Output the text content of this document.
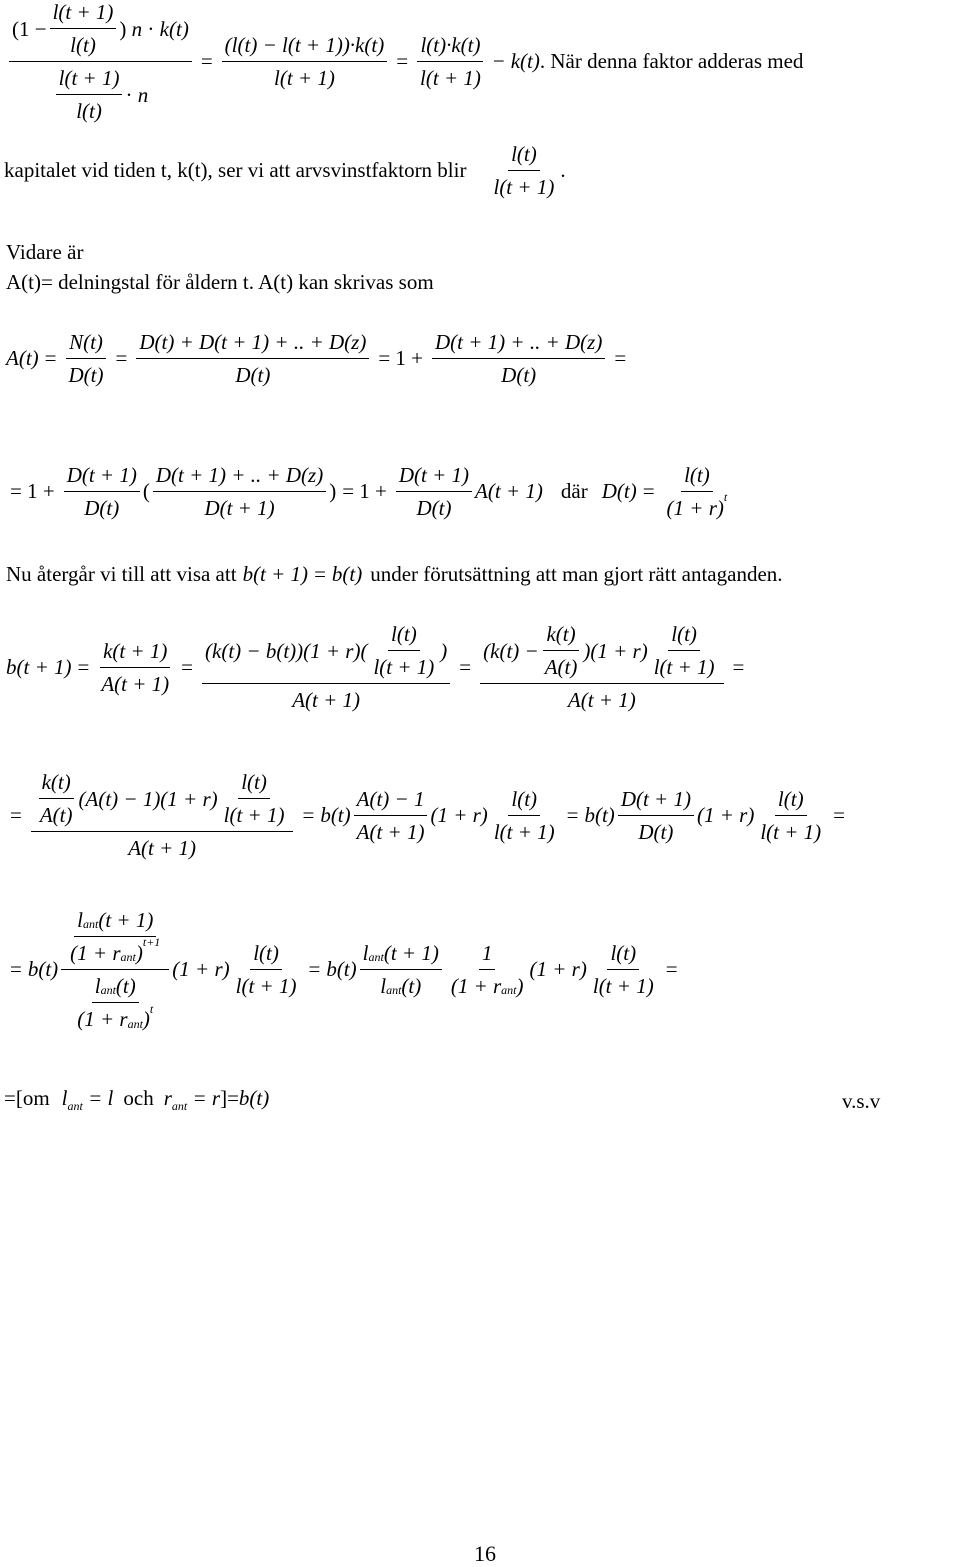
$\frac{(1 - \frac{l(t + 1)}{l(t)} ) n \cdot k(t)}{\frac{l(t + 1)}{l(t)} \cdot n} = \frac{(l(t) - l(t + 1))\cdot k(t)}{l(t + 1)} = \frac{l(t)\cdot k(t)}{l(t + 1)} - k(t)$ . När denna faktor adderas med
kapitalet vid tiden t, k(t), ser vi att arvsvinstfaktorn blir $\frac{l(t)}{l(t + 1)}$ .
Vidare är
A(t)= delningstal för åldern t. A(t) kan skrivas som
$A(t) = \frac{N(t)}{D(t)} = \frac{D(t) + D(t + 1) + .. + D(z)}{D(t)} = 1 + \frac{D(t + 1) + .. + D(z)}{D(t)}$ =
= $1 + \frac{D(t + 1)}{D(t)}$ ( $\frac{D(t + 1) + .. + D(z)}{D(t + 1)}$ ) = $1 + \frac{D(t + 1)}{D(t)} A(t + 1)$ där $D(t) = \frac{l(t)}{(1 + r) t}$
Nu återgår vi till att visa att b(t + 1) = b(t) under förutsättning att man gjort rätt antaganden.
$b(t + 1) = \frac{k(t + 1)}{A(t + 1)} = \frac{(k(t) - b(t))(1 + r)( \frac{l(t)}{l(t + 1)} )}{A(t + 1)} = \frac{(k(t) - \frac{k(t)}{A(t)} )(1 + r) \frac{l(t)}{l(t + 1)}}{A(t + 1)}$ =
= $\frac{\frac{k(t)}{A(t)} (A(t) - 1)(1 + r) \frac{l(t)}{l(t + 1)}}{A(t + 1)} = b(t) \frac{A(t) - 1}{A(t + 1)} (1 + r) \frac{l(t)}{l(t + 1)} = b(t) \frac{D(t + 1)}{D(t)} (1 + r) \frac{l(t)}{l(t + 1)}$ =
= $b(t) \frac{\frac{\text{l ant (t + 1)}}{\text{(1 + r ant ) t+1}}}{\frac{\text{l ant (t)}}{\text{(1 + r ant ) t}}} (1 + r) \frac{l(t)}{l(t + 1)} = b(t) \frac{\text{l ant (t + 1)}}{\text{l ant (t)}} \frac{1}{\text{(1 + r ant )}} (1 + r) \frac{l(t)}{l(t + 1)}$ =
=[om $l_{ant} = l$ och $r_{ant} = r$ ]= b(t)	v.s.v
16
